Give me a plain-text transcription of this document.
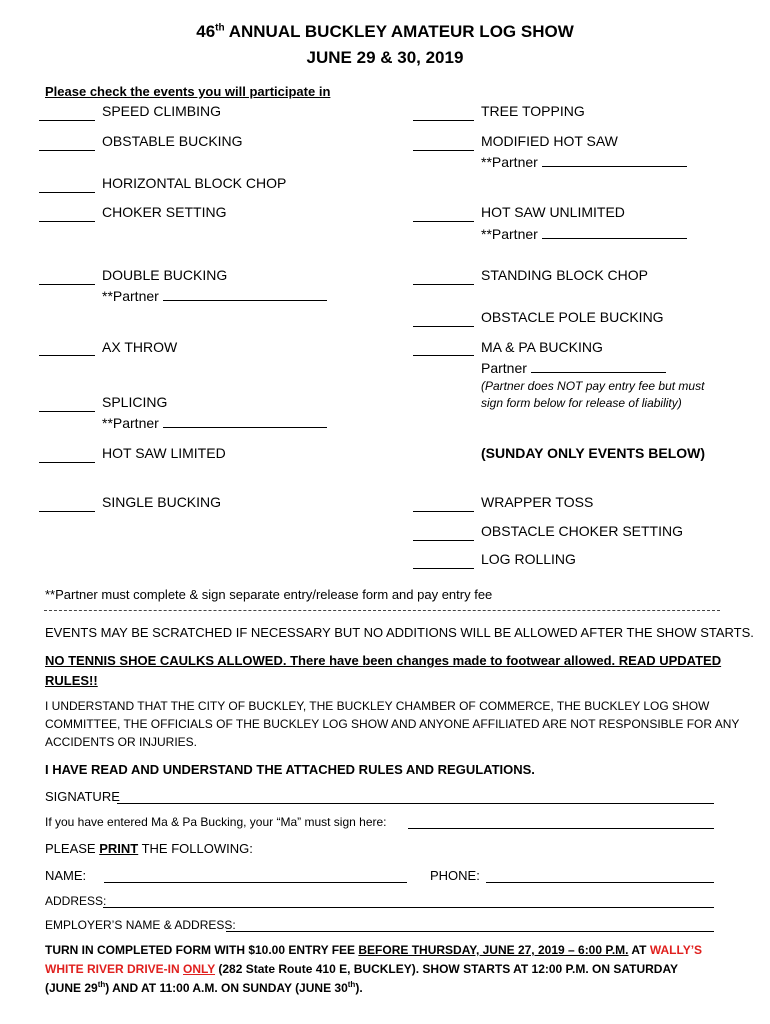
46th ANNUAL BUCKLEY AMATEUR LOG SHOW
JUNE 29 & 30, 2019
Please check the events you will participate in
SPEED CLIMBING
OBSTABLE BUCKING
HORIZONTAL BLOCK CHOP
CHOKER SETTING
DOUBLE BUCKING
**Partner
AX THROW
SPLICING
**Partner
HOT SAW LIMITED
SINGLE BUCKING
TREE TOPPING
MODIFIED HOT SAW
**Partner
HOT SAW UNLIMITED
**Partner
STANDING BLOCK CHOP
OBSTACLE POLE BUCKING
MA & PA BUCKING
Partner
(Partner does NOT pay entry fee but must
sign form below for release of liability)
(SUNDAY ONLY EVENTS BELOW)
WRAPPER TOSS
OBSTACLE CHOKER SETTING
LOG ROLLING
**Partner must complete & sign separate entry/release form and pay entry fee
EVENTS MAY BE SCRATCHED IF NECESSARY BUT NO ADDITIONS WILL BE ALLOWED AFTER THE SHOW STARTS.
NO TENNIS SHOE CAULKS ALLOWED. There have been changes made to footwear allowed. READ UPDATED
RULES!!
I UNDERSTAND THAT THE CITY OF BUCKLEY, THE BUCKLEY CHAMBER OF COMMERCE, THE BUCKLEY LOG SHOW
COMMITTEE, THE OFFICIALS OF THE BUCKLEY LOG SHOW AND ANYONE AFFILIATED ARE NOT RESPONSIBLE FOR ANY
ACCIDENTS OR INJURIES.
I HAVE READ AND UNDERSTAND THE ATTACHED RULES AND REGULATIONS.
SIGNATURE
If you have entered Ma & Pa Bucking, your “Ma” must sign here:
PLEASE PRINT THE FOLLOWING:
NAME:	PHONE:
ADDRESS:
EMPLOYER’S NAME & ADDRESS:
TURN IN COMPLETED FORM WITH $10.00 ENTRY FEE BEFORE THURSDAY, JUNE 27, 2019 – 6:00 P.M. AT WALLY’S
WHITE RIVER DRIVE-IN ONLY (282 State Route 410 E, BUCKLEY). SHOW STARTS AT 12:00 P.M. ON SATURDAY
(JUNE 29th) AND AT 11:00 A.M. ON SUNDAY (JUNE 30th).
